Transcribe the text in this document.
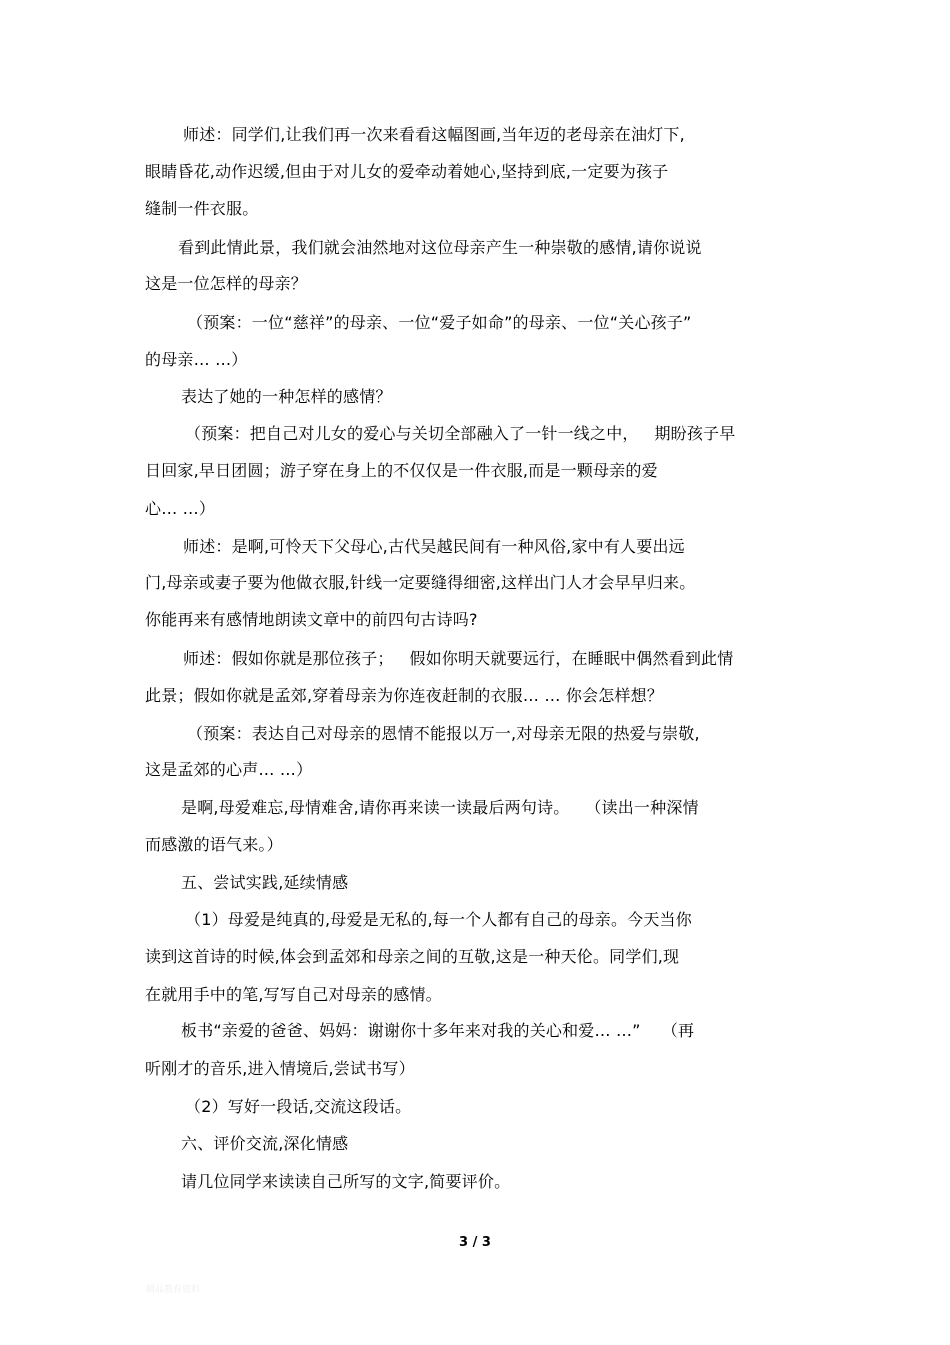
师述：同学们,让我们再一次来看看这幅图画,当年迈的老母亲在油灯下,
眼睛昏花,动作迟缓,但由于对儿女的爱牵动着她心,坚持到底,一定要为孩子
缝制一件衣服。
看到此情此景，我们就会油然地对这位母亲产生一种崇敬的感情,请你说说
这是一位怎样的母亲？
（预案：一位“慈祥”的母亲、一位“爱子如命”的母亲、一位“关心孩子”
的母亲… …）
表达了她的一种怎样的感情？
（预案：把自己对儿女的爱心与关切全部融入了一针一线之中，   期盼孩子早
日回家,早日团圆；游子穿在身上的不仅仅是一件衣服,而是一颗母亲的爱
心… …）
师述：是啊,可怜天下父母心,古代吴越民间有一种风俗,家中有人要出远
门,母亲或妻子要为他做衣服,针线一定要缝得细密,这样出门人才会早早归来。
你能再来有感情地朗读文章中的前四句古诗吗?
师述：假如你就是那位孩子；   假如你明天就要远行，在睡眠中偶然看到此情
此景；假如你就是孟郊,穿着母亲为你连夜赶制的衣服… … 你会怎样想？
（预案：表达自己对母亲的恩情不能报以万一,对母亲无限的热爱与崇敬,
这是孟郊的心声… …）
是啊,母爱难忘,母情难舍,请你再来读一读最后两句诗。   （读出一种深情
而感激的语气来。）
五、尝试实践,延续情感
（1）母爱是纯真的,母爱是无私的,每一个人都有自己的母亲。今天当你
读到这首诗的时候,体会到孟郊和母亲之间的互敬,这是一种天伦。同学们,现
在就用手中的笔,写写自己对母亲的感情。
板书“亲爱的爸爸、妈妈：谢谢你十多年来对我的关心和爱… …”    （再
听刚才的音乐,进入情境后,尝试书写）
（2）写好一段话,交流这段话。
六、评价交流,深化情感
请几位同学来读读自己所写的文字,简要评价。
3 / 3
精品教育资料
